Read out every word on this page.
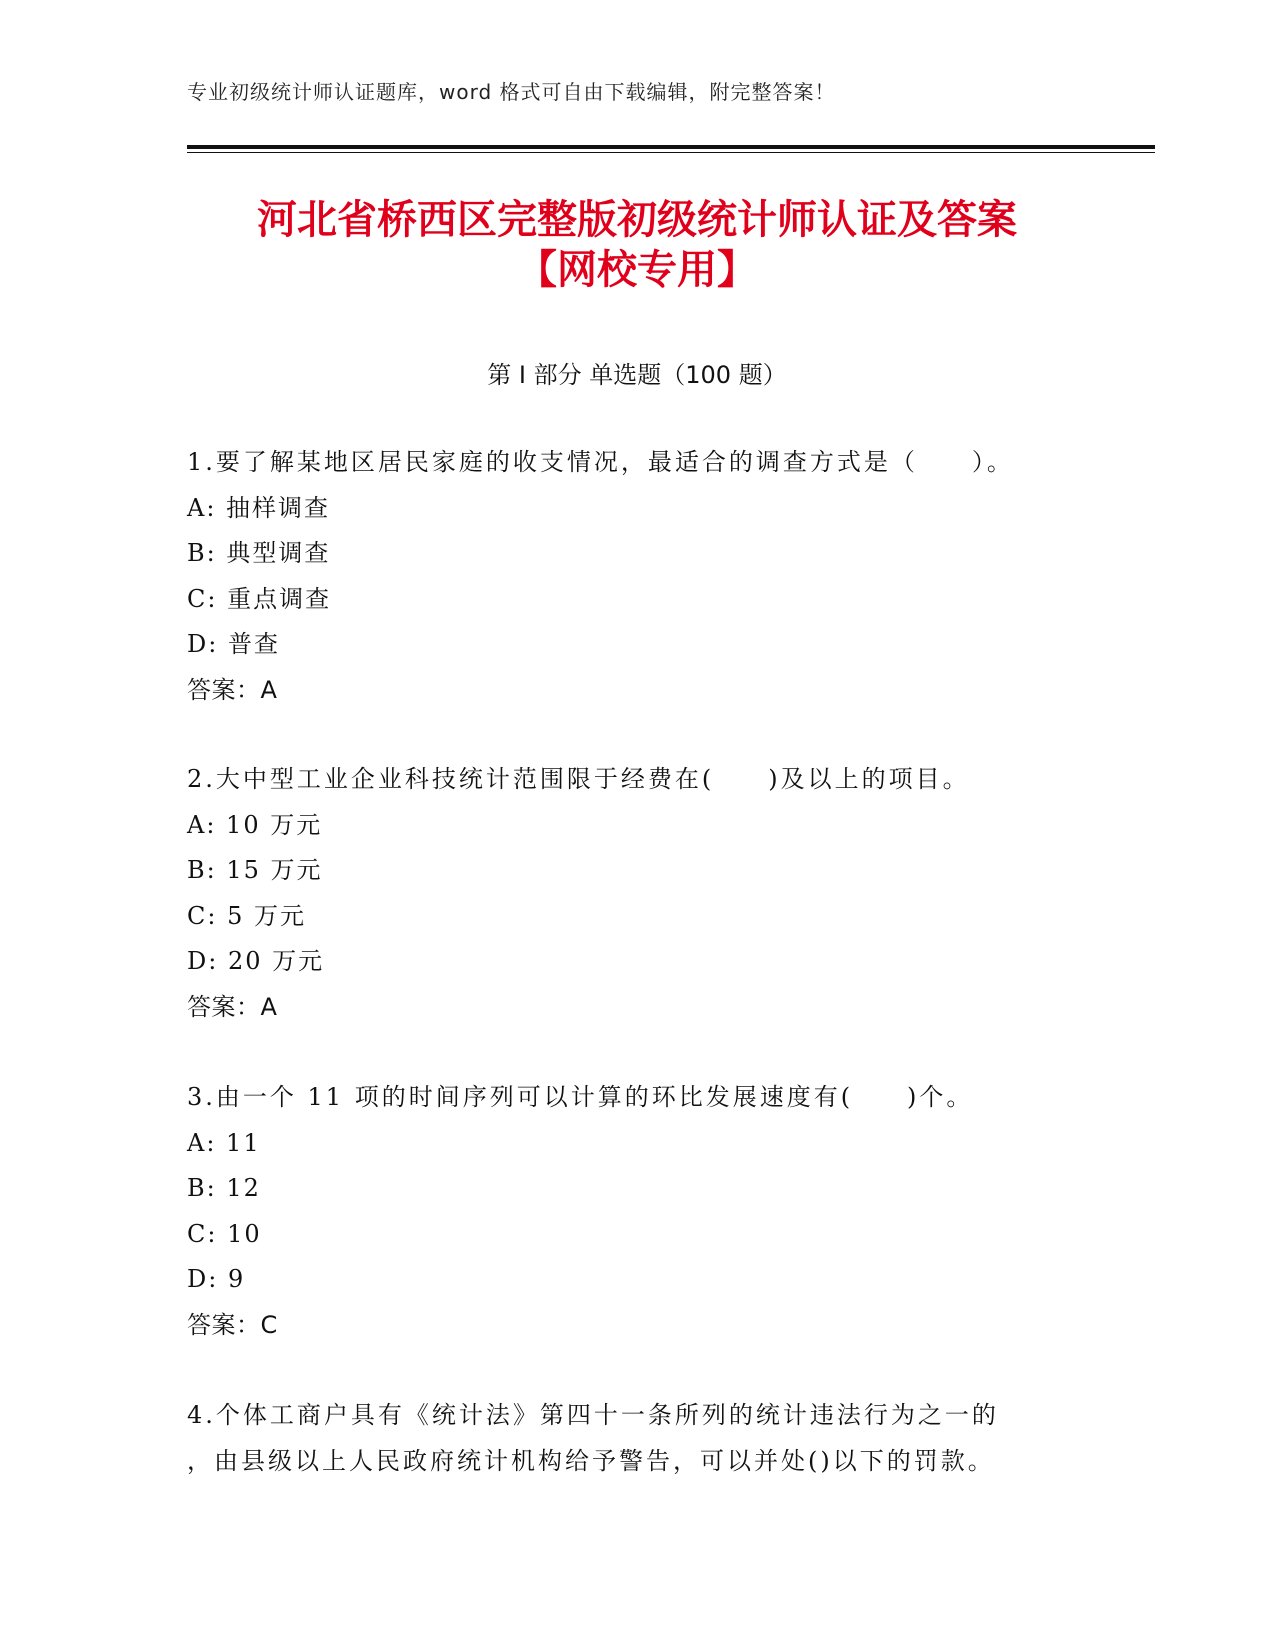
专业初级统计师认证题库，word 格式可自由下载编辑，附完整答案！
河北省桥西区完整版初级统计师认证及答案
【网校专用】
第 I 部分 单选题（100 题）
1.要了解某地区居民家庭的收支情况，最适合的调查方式是（　　）。
A: 抽样调查
B: 典型调查
C: 重点调查
D: 普查
答案：A
2.大中型工业企业科技统计范围限于经费在(　　)及以上的项目。
A: 10 万元
B: 15 万元
C: 5 万元
D: 20 万元
答案：A
3.由一个 11 项的时间序列可以计算的环比发展速度有(　　)个。
A: 11
B: 12
C: 10
D: 9
答案：C
4.个体工商户具有《统计法》第四十一条所列的统计违法行为之一的
，由县级以上人民政府统计机构给予警告，可以并处()以下的罚款。
